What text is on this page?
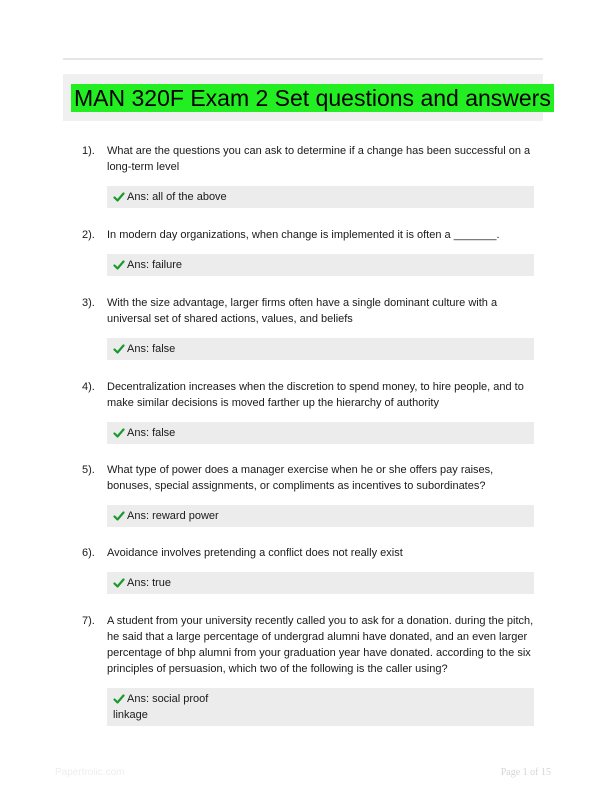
MAN 320F Exam 2 Set questions and answers
1). What are the questions you can ask to determine if a change has been successful on a long-term level
Ans: all of the above
2). In modern day organizations, when change is implemented it is often a _______.
Ans: failure
3). With the size advantage, larger firms often have a single dominant culture with a universal set of shared actions, values, and beliefs
Ans: false
4). Decentralization increases when the discretion to spend money, to hire people, and to make similar decisions is moved farther up the hierarchy of authority
Ans: false
5). What type of power does a manager exercise when he or she offers pay raises, bonuses, special assignments, or compliments as incentives to subordinates?
Ans: reward power
6). Avoidance involves pretending a conflict does not really exist
Ans: true
7). A student from your university recently called you to ask for a donation. during the pitch, he said that a large percentage of undergrad alumni have donated, and an even larger percentage of bhp alumni from your graduation year have donated. according to the six principles of persuasion, which two of the following is the caller using?
Ans: social proof
linkage
Papertrolic.com	Page 1 of 15
